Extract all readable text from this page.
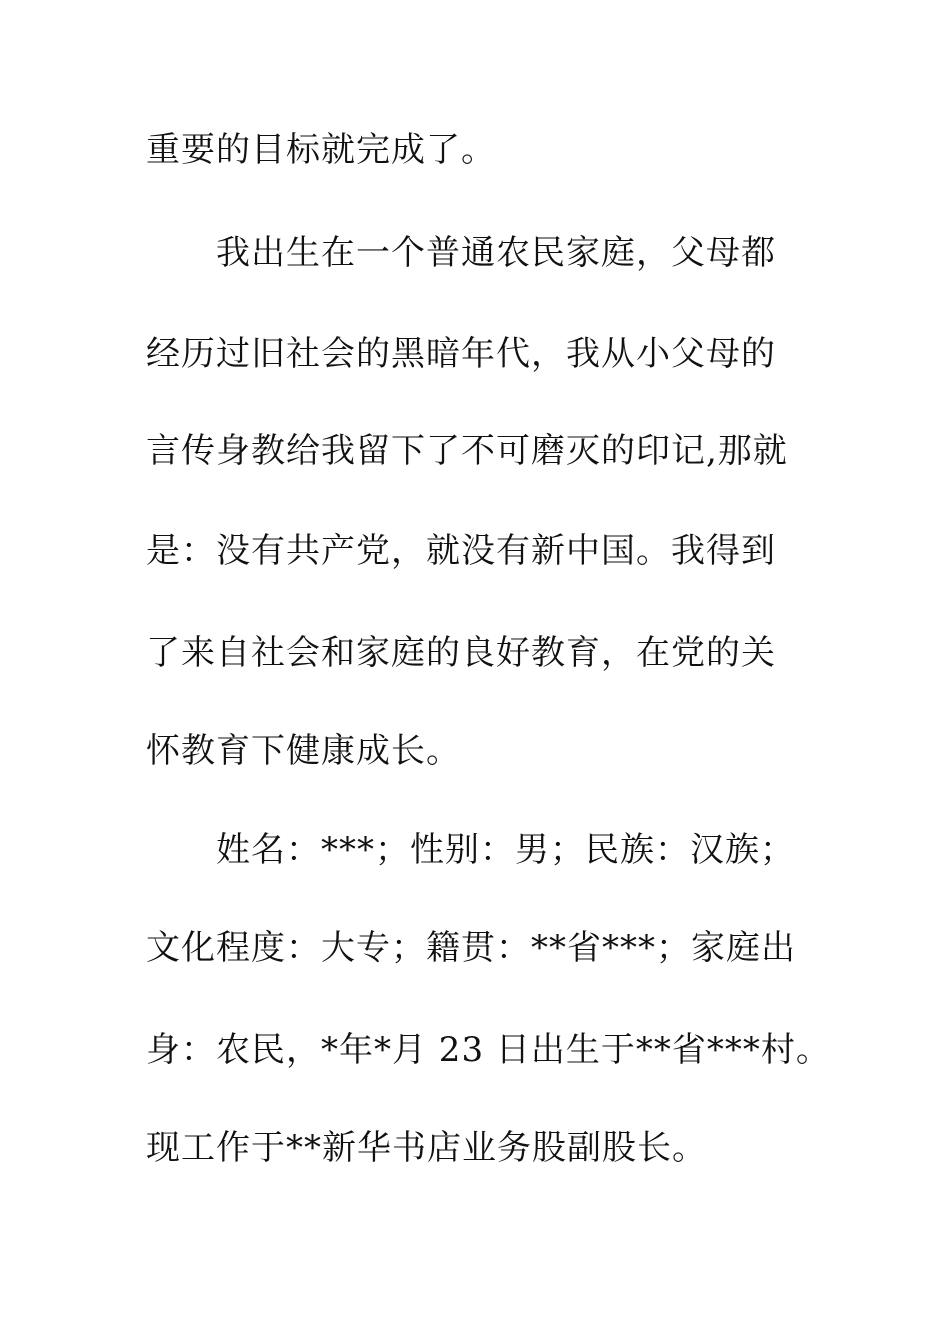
重要的目标就完成了。

我出生在一个普通农民家庭，父母都

经历过旧社会的黑暗年代，我从小父母的

言传身教给我留下了不可磨灭的印记,那就

是：没有共产党，就没有新中国。我得到

了来自社会和家庭的良好教育，在党的关

怀教育下健康成长。

姓名：***；性别：男；民族：汉族；

文化程度：大专；籍贯：**省***；家庭出

身：农民，*年*月 23 日出生于**省***村。

现工作于**新华书店业务股副股长。
